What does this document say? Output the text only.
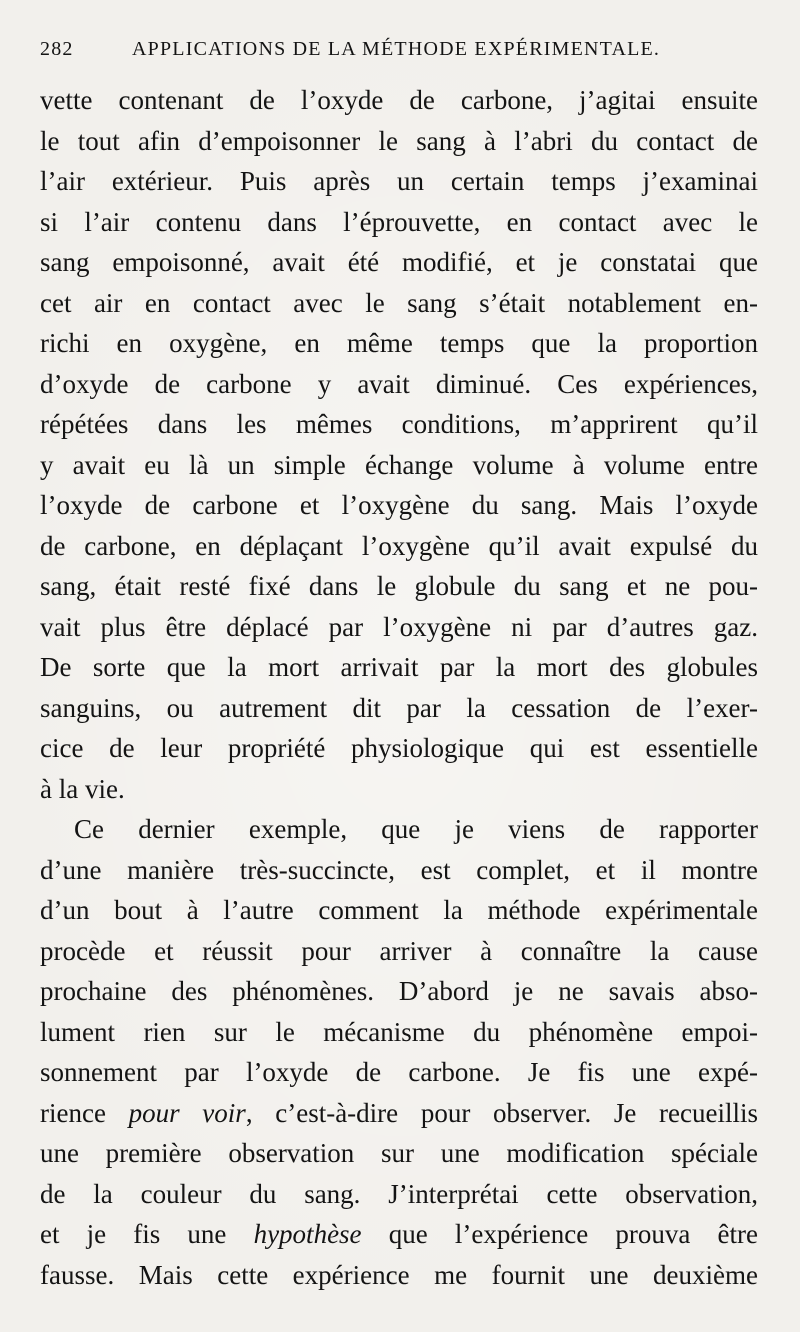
282	APPLICATIONS DE LA MÉTHODE EXPÉRIMENTALE.
vette contenant de l’oxyde de carbone, j’agitai ensuite
le tout afin d’empoisonner le sang à l’abri du contact de
l’air extérieur. Puis après un certain temps j’examinai
si l’air contenu dans l’éprouvette, en contact avec le
sang empoisonné, avait été modifié, et je constatai que
cet air en contact avec le sang s’était notablement en-
richi en oxygène, en même temps que la proportion
d’oxyde de carbone y avait diminué. Ces expériences,
répétées dans les mêmes conditions, m’apprirent qu’il
y avait eu là un simple échange volume à volume entre
l’oxyde de carbone et l’oxygène du sang. Mais l’oxyde
de carbone, en déplaçant l’oxygène qu’il avait expulsé du
sang, était resté fixé dans le globule du sang et ne pou-
vait plus être déplacé par l’oxygène ni par d’autres gaz.
De sorte que la mort arrivait par la mort des globules
sanguins, ou autrement dit par la cessation de l’exer-
cice de leur propriété physiologique qui est essentielle
à la vie.
Ce dernier exemple, que je viens de rapporter
d’une manière très-succincte, est complet, et il montre
d’un bout à l’autre comment la méthode expérimentale
procède et réussit pour arriver à connaître la cause
prochaine des phénomènes. D’abord je ne savais abso-
lument rien sur le mécanisme du phénomène empoi-
sonnement par l’oxyde de carbone. Je fis une expé-
rience pour voir, c’est-à-dire pour observer. Je recueillis
une première observation sur une modification spéciale
de la couleur du sang. J’interprétai cette observation,
et je fis une hypothèse que l’expérience prouva être
fausse. Mais cette expérience me fournit une deuxième
